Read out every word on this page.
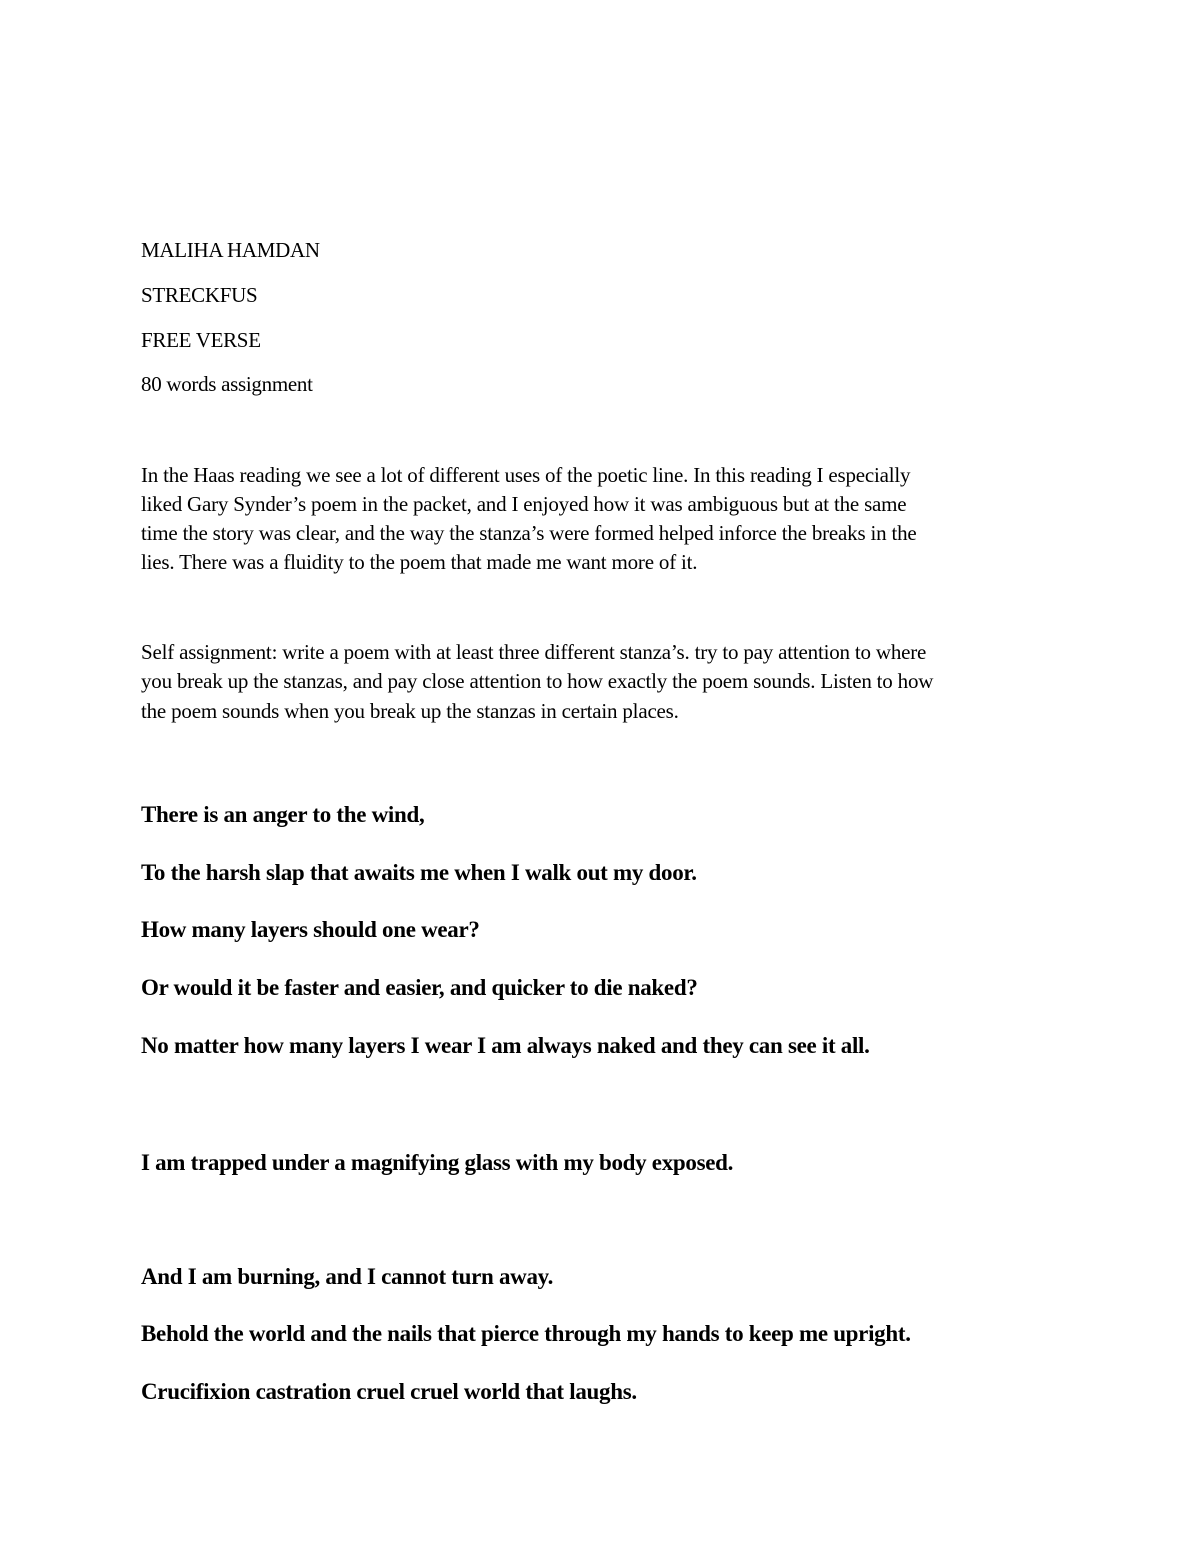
MALIHA HAMDAN
STRECKFUS
FREE VERSE
80 words assignment
In the Haas reading we see a lot of different uses of the poetic line. In this reading I especially
liked Gary Synder’s poem in the packet, and I enjoyed how it was ambiguous but at the same
time the story was clear, and the way the stanza’s were formed helped inforce the breaks in the
lies. There was a fluidity to the poem that made me want more of it.
Self assignment: write a poem with at least three different stanza’s. try to pay attention to where
you break up the stanzas, and pay close attention to how exactly the poem sounds. Listen to how
the poem sounds when you break up the stanzas in certain places.
There is an anger to the wind,
To the harsh slap that awaits me when I walk out my door.
How many layers should one wear?
Or would it be faster and easier, and quicker to die naked?
No matter how many layers I wear I am always naked and they can see it all.
I am trapped under a magnifying glass with my body exposed.
And I am burning, and I cannot turn away.
Behold the world and the nails that pierce through my hands to keep me upright.
Crucifixion castration cruel cruel world that laughs.
